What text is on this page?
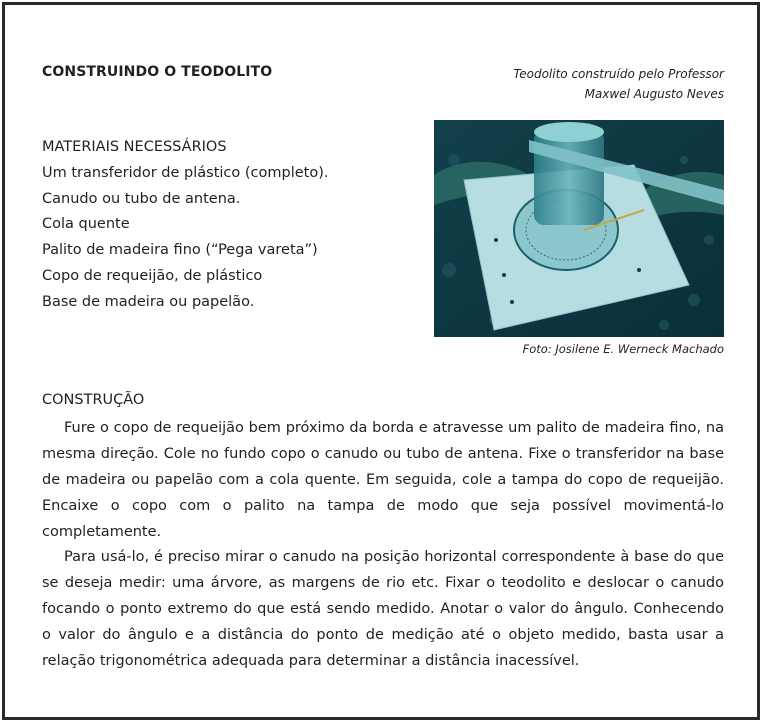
CONSTRUINDO O TEODOLITO	Teodolito construído pelo Professor
Maxwel Augusto Neves
MATERIAIS NECESSÁRIOS
Um transferidor de plástico (completo).
Canudo ou tubo de antena.
Cola quente
Palito de madeira fino (“Pega vareta”)
Copo de requeijão, de plástico
Base de madeira ou papelão.
Foto: Josilene E. Werneck Machado
CONSTRUÇÃO

Fure o copo de requeijão bem próximo da borda e atravesse um palito de madeira fino, na mesma direção. Cole no fundo copo o canudo ou tubo de antena. Fixe o transferidor na base de madeira ou papelão com a cola quente. Em seguida, cole a tampa do copo de requeijão. Encaixe o copo com o palito na tampa de modo que seja possível movimentá-lo completamente.

Para usá-lo, é preciso mirar o canudo na posição horizontal correspondente à base do que se deseja medir: uma árvore, as margens de rio etc. Fixar o teodolito e deslocar o canudo focando o ponto extremo do que está sendo medido. Anotar o valor do ângulo. Conhecendo o valor do ângulo e a distância do ponto de medição até o objeto medido, basta usar a relação trigonométrica adequada para determinar a distância inacessível.
